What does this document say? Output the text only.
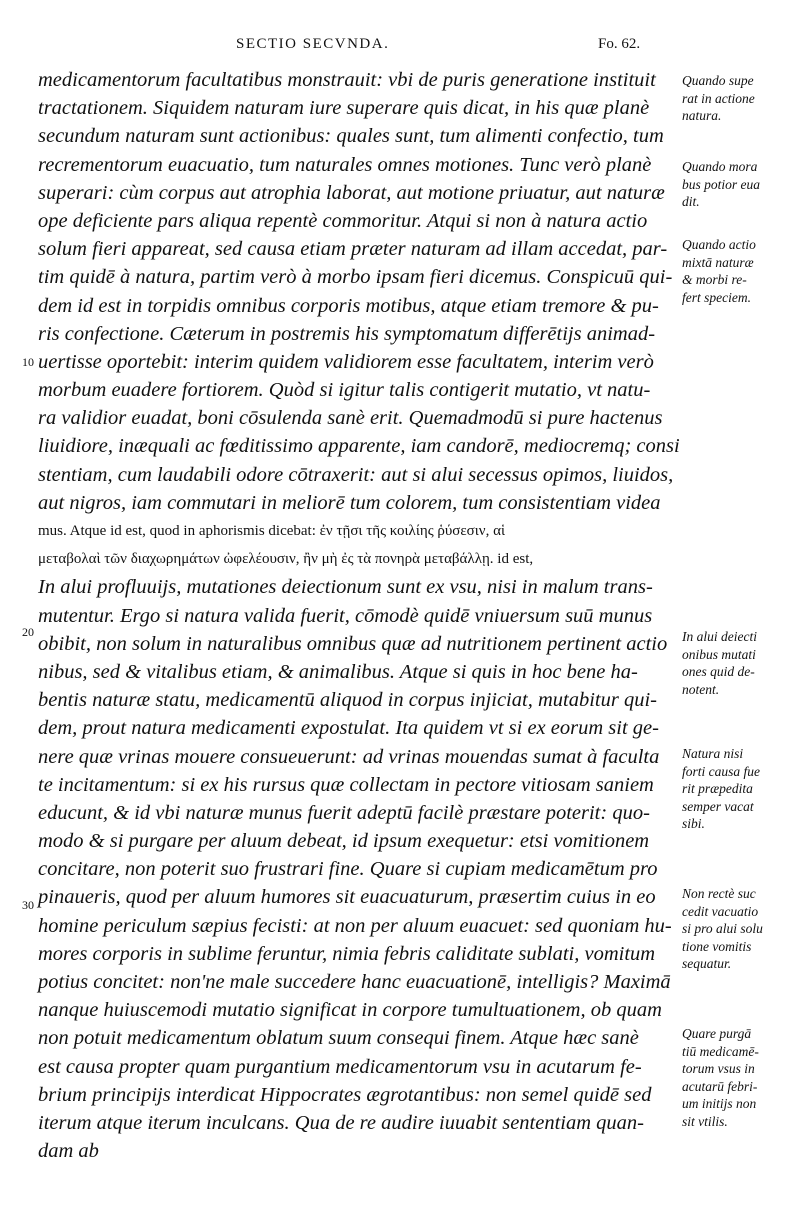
SECTIO SECVNDA.	Fo. 62.
medicamentorum facultatibus monstrauit: vbi de puris generatione instituit
tractationem. Siquidem naturam iure superare quis dicat, in his quæ planè
secundum naturam sunt actionibus: quales sunt, tum alimenti confectio, tum
recrementorum euacuatio, tum naturales omnes motiones. Tunc verò planè
superari: cùm corpus aut atrophia laborat, aut motione priuatur, aut naturæ
ope deficiente pars aliqua repentè commoritur. Atqui si non à natura actio
solum fieri appareat, sed causa etiam præter naturam ad illam accedat, par-
tim quidē à natura, partim verò à morbo ipsam fieri dicemus. Conspicuū qui-
dem id est in torpidis omnibus corporis motibus, atque etiam tremore & pu-
ris confectione. Cæterum in postremis his symptomatum differētijs animad-
uertisse oportebit: interim quidem validiorem esse facultatem, interim verò
morbum euadere fortiorem. Quòd si igitur talis contigerit mutatio, vt natu-
ra validior euadat, boni cōsulenda sanè erit. Quemadmodū si pure hactenus
liuidiore, inæquali ac fœditissimo apparente, iam candorē, mediocremq; consi
stentiam, cum laudabili odore cōtraxerit: aut si alui secessus opimos, liuidos,
aut nigros, iam commutari in meliorē tum colorem, tum consistentiam videa
mus. Atque id est, quod in aphorismis dicebat: ἐν τῇσι τῆς κοιλίης ῥύσεσιν, αἱ
μεταβολαὶ τῶν διαχωρημάτων ὠφελέουσιν, ἢν μὴ ἐς τὰ πονηρὰ μεταβάλλῃ. id est,
In alui profluuijs, mutationes deiectionum sunt ex vsu, nisi in malum trans-
mutentur. Ergo si natura valida fuerit, cōmodè quidē vniuersum suū munus
obibit, non solum in naturalibus omnibus quæ ad nutritionem pertinent actio
nibus, sed & vitalibus etiam, & animalibus. Atque si quis in hoc bene ha-
bentis naturæ statu, medicamentū aliquod in corpus injiciat, mutabitur qui-
dem, prout natura medicamenti expostulat. Ita quidem vt si ex eorum sit ge-
nere quæ vrinas mouere consueuerunt: ad vrinas mouendas sumat à faculta
te incitamentum: si ex his rursus quæ collectam in pectore vitiosam saniem
educunt, & id vbi naturæ munus fuerit adeptū facilè præstare poterit: quo-
modo & si purgare per aluum debeat, id ipsum exequetur: etsi vomitionem
concitare, non poterit suo frustrari fine. Quare si cupiam medicamētum pro
pinaueris, quod per aluum humores sit euacuaturum, præsertim cuius in eo
homine periculum sæpius fecisti: at non per aluum euacuet: sed quoniam hu-
mores corporis in sublime feruntur, nimia febris caliditate sublati, vomitum
potius concitet: non'ne male succedere hanc euacuationē, intelligis? Maximā
nanque huiuscemodi mutatio significat in corpore tumultuationem, ob quam
non potuit medicamentum oblatum suum consequi finem. Atque hæc sanè
est causa propter quam purgantium medicamentorum vsu in acutarum fe-
brium principijs interdicat Hippocrates ægrotantibus: non semel quidē sed
iterum atque iterum inculcans. Qua de re audire iuuabit sententiam quan-
dam ab
10
20
30
Quando supe
rat in actione
natura.
Quando mora
bus potior eua
dit.
Quando actio
mixtā naturæ
& morbi re-
fert speciem.
In alui deiecti
onibus mutati
ones quid de-
notent.
Natura nisi
forti causa fue
rit præpedita
semper vacat
sibi.
Non rectè suc
cedit vacuatio
si pro alui solu
tione vomitis
sequatur.
Quare purgā
tiū medicamē-
torum vsus in
acutarū febri-
um initijs non
sit vtilis.
